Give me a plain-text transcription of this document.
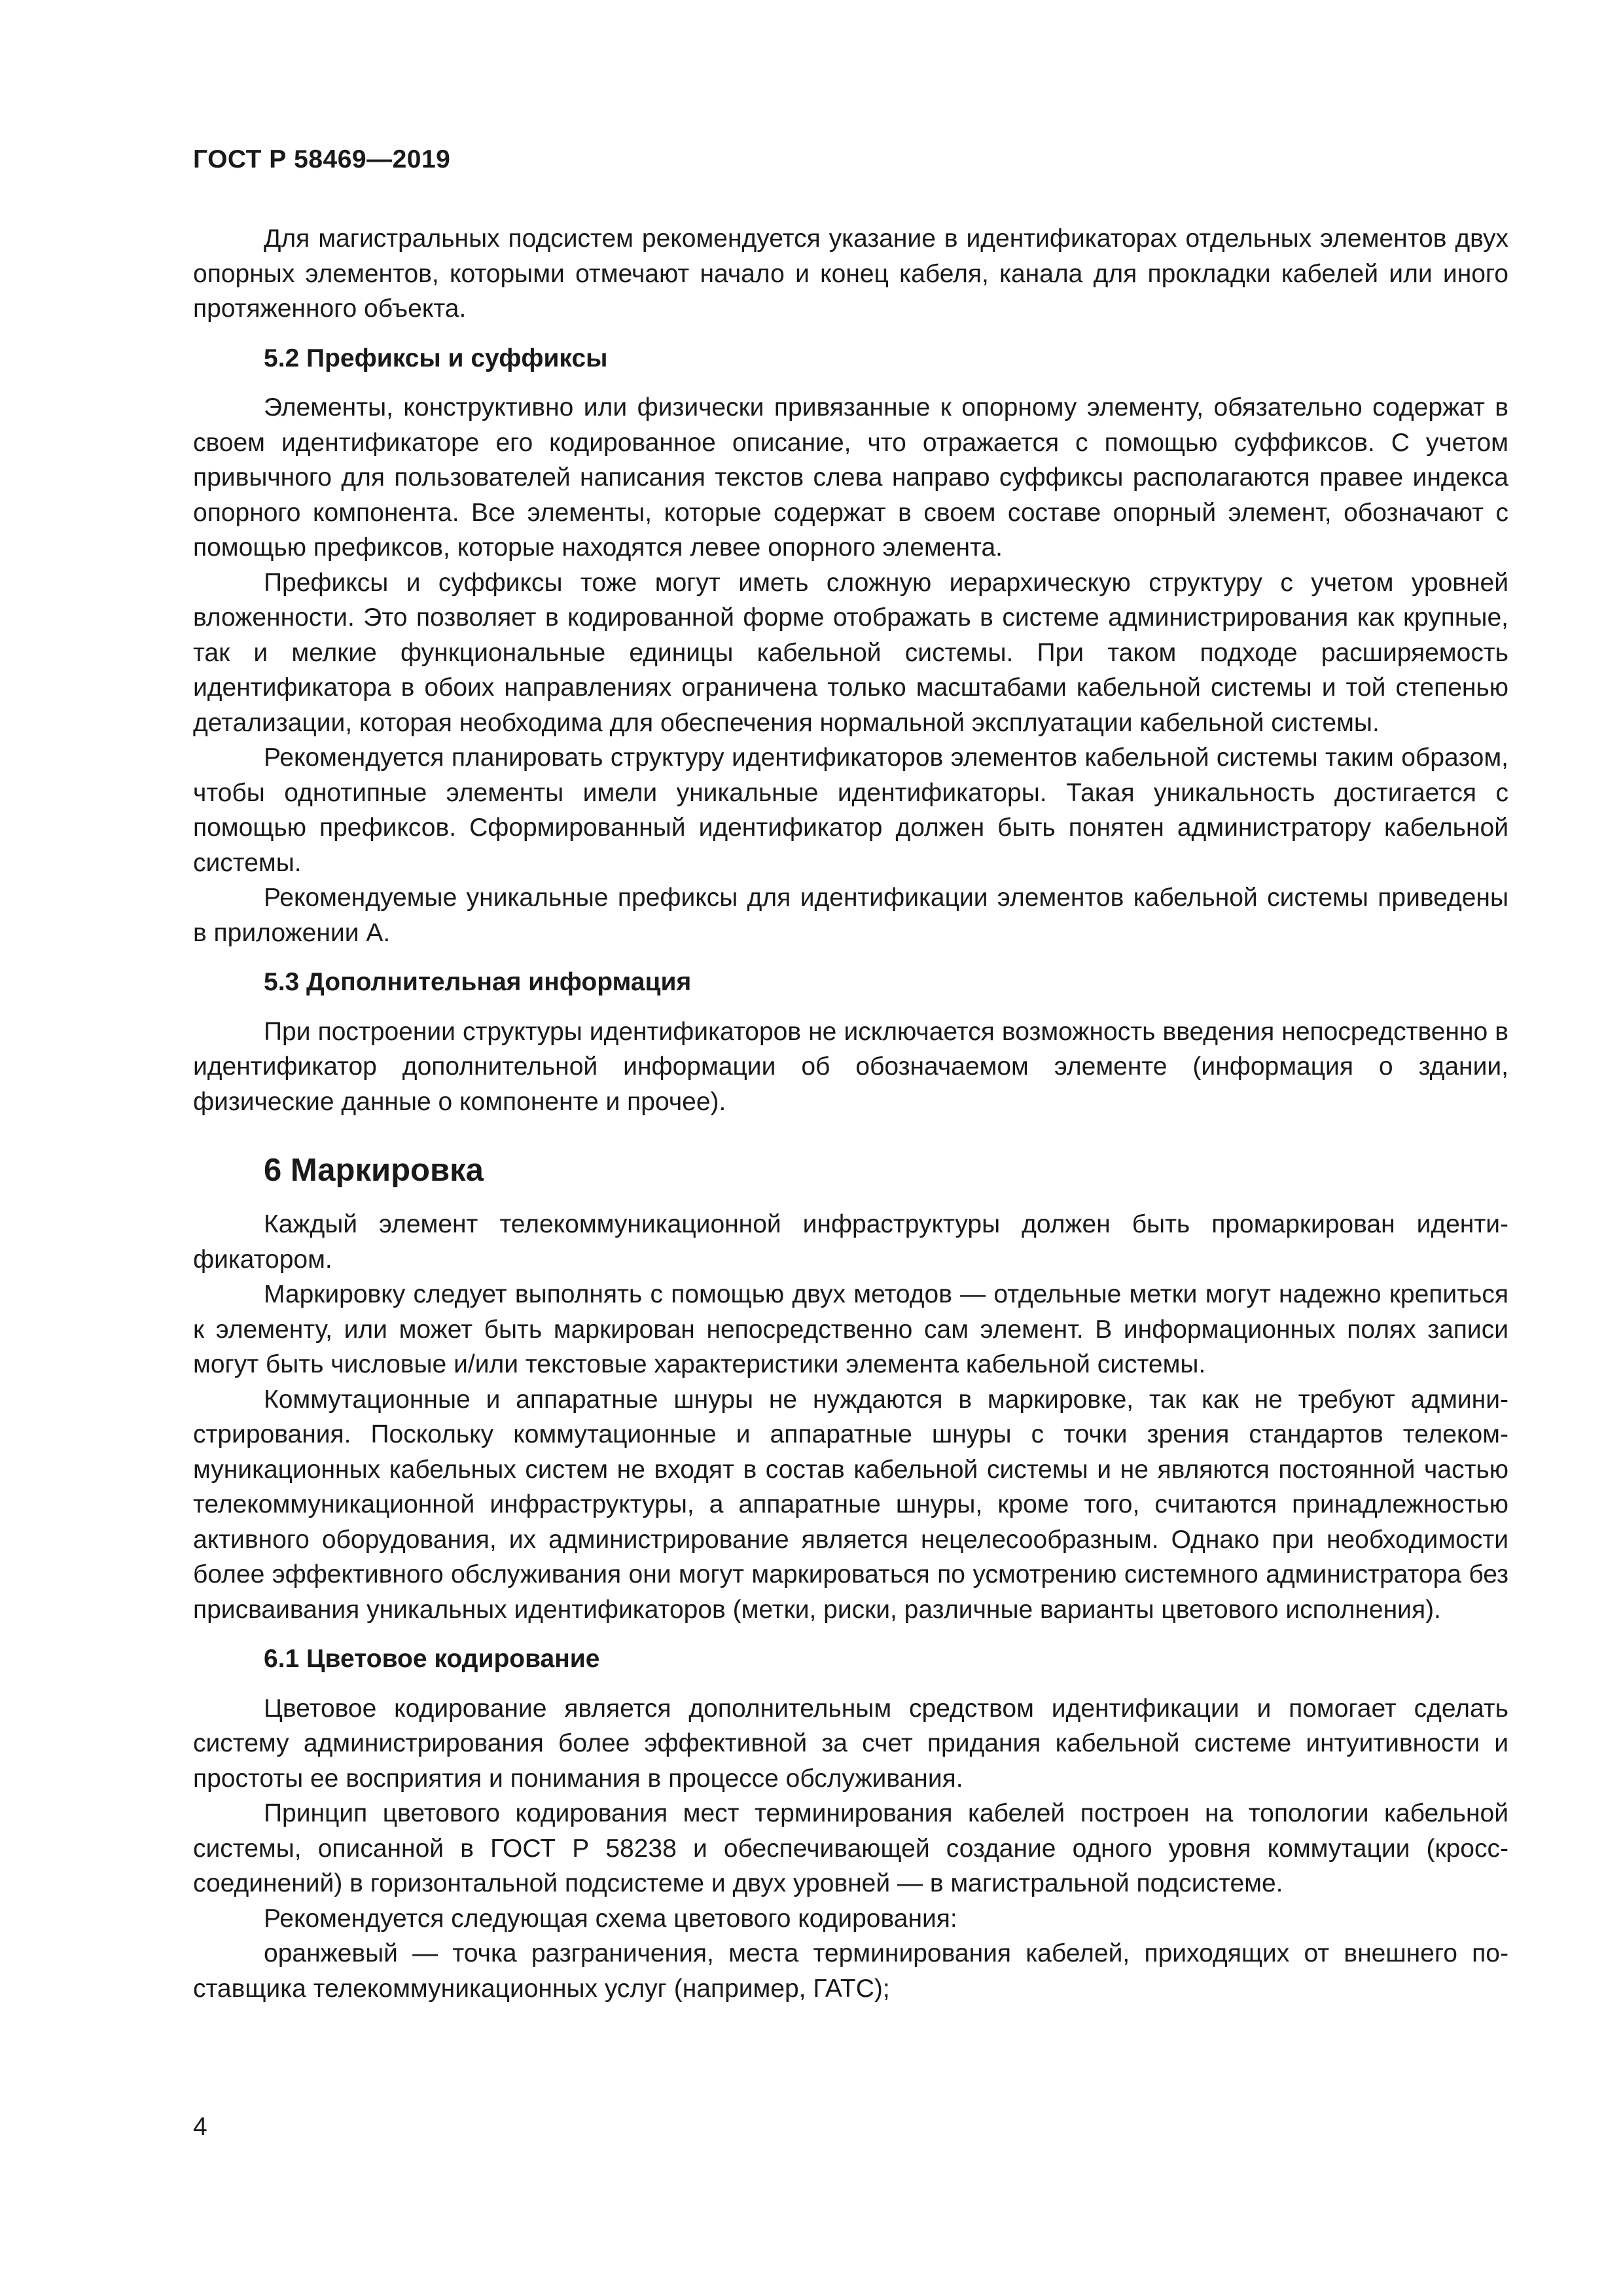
ГОСТ Р 58469—2019

Для магистральных подсистем рекомендуется указание в идентификаторах отдельных элементов двух опорных элементов, которыми отмечают начало и конец кабеля, канала для прокладки кабелей или иного протяженного объекта.

5.2 Префиксы и суффиксы

Элементы, конструктивно или физически привязанные к опорному элементу, обязательно содержат в своем идентификаторе его кодированное описание, что отражается с помощью суффиксов. С учетом привычного для пользователей написания текстов слева направо суффиксы располагаются правее индекса опорного компонента. Все элементы, которые содержат в своем составе опорный элемент, обозначают с помощью префиксов, которые находятся левее опорного элемента.

Префиксы и суффиксы тоже могут иметь сложную иерархическую структуру с учетом уровней вложенности. Это позволяет в кодированной форме отображать в системе администрирования как крупные, так и мелкие функциональные единицы кабельной системы. При таком подходе расширяемость идентификатора в обоих направлениях ограничена только масштабами кабельной системы и той степенью детализации, которая необходима для обеспечения нормальной эксплуатации кабельной системы.

Рекомендуется планировать структуру идентификаторов элементов кабельной системы таким образом, чтобы однотипные элементы имели уникальные идентификаторы. Такая уникальность достигается с помощью префиксов. Сформированный идентификатор должен быть понятен администратору кабельной системы.

Рекомендуемые уникальные префиксы для идентификации элементов кабельной системы приведены в приложении А.

5.3 Дополнительная информация

При построении структуры идентификаторов не исключается возможность введения непосредственно в идентификатор дополнительной информации об обозначаемом элементе (информация о здании, физические данные о компоненте и прочее).

6 Маркировка

Каждый элемент телекоммуникационной инфраструктуры должен быть промаркирован идентификатором.

Маркировку следует выполнять с помощью двух методов — отдельные метки могут надежно крепиться к элементу, или может быть маркирован непосредственно сам элемент. В информационных полях записи могут быть числовые и/или текстовые характеристики элемента кабельной системы.

Коммутационные и аппаратные шнуры не нуждаются в маркировке, так как не требуют администрирования. Поскольку коммутационные и аппаратные шнуры с точки зрения стандартов телекоммуникационных кабельных систем не входят в состав кабельной системы и не являются постоянной частью телекоммуникационной инфраструктуры, а аппаратные шнуры, кроме того, считаются принадлежностью активного оборудования, их администрирование является нецелесообразным. Однако при необходимости более эффективного обслуживания они могут маркироваться по усмотрению системного администратора без присваивания уникальных идентификаторов (метки, риски, различные варианты цветового исполнения).

6.1 Цветовое кодирование

Цветовое кодирование является дополнительным средством идентификации и помогает сделать систему администрирования более эффективной за счет придания кабельной системе интуитивности и простоты ее восприятия и понимания в процессе обслуживания.

Принцип цветового кодирования мест терминирования кабелей построен на топологии кабельной системы, описанной в ГОСТ Р 58238 и обеспечивающей создание одного уровня коммутации (кросссоединений) в горизонтальной подсистеме и двух уровней — в магистральной подсистеме.

Рекомендуется следующая схема цветового кодирования:

оранжевый — точка разграничения, места терминирования кабелей, приходящих от внешнего поставщика телекоммуникационных услуг (например, ГАТС);

4
